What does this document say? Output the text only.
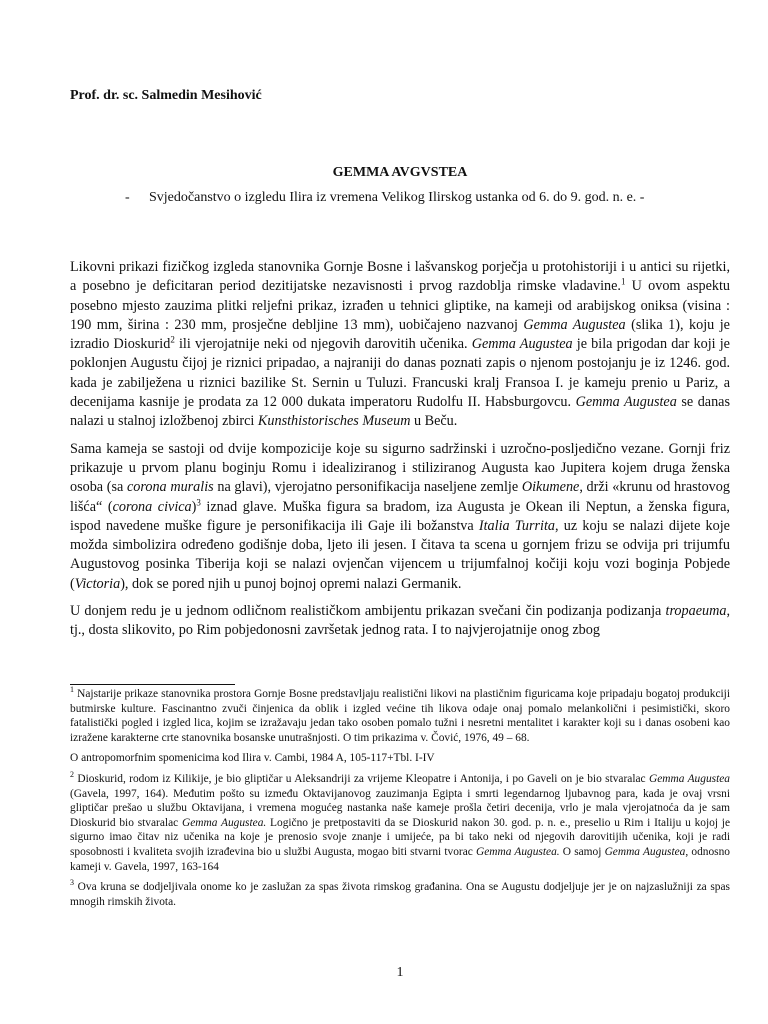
Prof. dr. sc. Salmedin Mesihović
GEMMA AVGVSTEA
- Svjedočanstvo o izgledu Ilira iz vremena Velikog Ilirskog ustanka od 6. do 9. god. n. e. -

Likovni prikazi fizičkog izgleda stanovnika Gornje Bosne i lašvanskog porječja u protohistoriji i u antici su rijetki, a posebno je deficitaran period dezitijatske nezavisnosti i prvog razdoblja rimske vladavine.$^1$ U ovom aspektu posebno mjesto zauzima plitki reljefni prikaz, izrađen u tehnici gliptike, na kameji od arabijskog oniksa (visina : 190 mm, širina : 230 mm, prosječne debljine 13 mm), uobičajeno nazvanoj Gemma Augustea (slika 1), koju je izradio Dioskurid$^2$ ili vjerojatnije neki od njegovih darovitih učenika. Gemma Augustea je bila prigodan dar koji je poklonjen Augustu čijoj je riznici pripadao, a najraniji do danas poznati zapis o njenom postojanju je iz 1246. god. kada je zabilježena u riznici bazilike St. Sernin u Tuluzi. Francuski kralj Fransoa I. je kameju prenio u Pariz, a decenijama kasnije je prodata za 12 000 dukata imperatoru Rudolfu II. Habsburgovcu. Gemma Augustea se danas nalazi u stalnoj izložbenoj zbirci Kunsthistorisches Museum u Beču.

Sama kameja se sastoji od dvije kompozicije koje su sigurno sadržinski i uzročno-posljedično vezane. Gornji friz prikazuje u prvom planu boginju Romu i idealiziranog i stiliziranog Augusta kao Jupitera kojem druga ženska osoba (sa corona muralis na glavi), vjerojatno personifikacija naseljene zemlje Oikumene, drži «krunu od hrastovog lišća“ (corona civica)$^3$ iznad glave. Muška figura sa bradom, iza Augusta je Okean ili Neptun, a ženska figura, ispod navedene muške figure je personifikacija ili Gaje ili božanstva Italia Turrita, uz koju se nalazi dijete koje možda simbolizira određeno godišnje doba, ljeto ili jesen. I čitava ta scena u gornjem frizu se odvija pri trijumfu Augustovog posinka Tiberija koji se nalazi ovjenčan vijencem u trijumfalnoj kočiji koju vozi boginja Pobjede (Victoria), dok se pored njih u punoj bojnoj opremi nalazi Germanik.

U donjem redu je u jednom odličnom realističkom ambijentu prikazan svečani čin podizanja podizanja tropaeuma, tj., dosta slikovito, po Rim pobjedonosni završetak jednog rata. I to najvjerojatnije onog zbog

$^1$ Najstarije prikaze stanovnika prostora Gornje Bosne predstavljaju realistični likovi na plastičnim figuricama koje pripadaju bogatoj produkciji butmirske kulture. Fascinantno zvuči činjenica da oblik i izgled većine tih likova odaje onaj pomalo melankolični i pesimistički, skoro fatalistički pogled i izgled lica, kojim se izražavaju jedan tako osoben pomalo tužni i nesretni mentalitet i karakter koji su i danas osobeni kao izražene karakterne crte stanovnika bosanske unutrašnjosti. O tim prikazima v. Čović, 1976, 49 – 68.

O antropomorfnim spomenicima kod Ilira v. Cambi, 1984 A, 105-117+Tbl. I-IV

$^2$ Dioskurid, rodom iz Kilikije, je bio gliptičar u Aleksandriji za vrijeme Kleopatre i Antonija, i po Gaveli on je bio stvaralac Gemma Augustea (Gavela, 1997, 164). Međutim pošto su između Oktavijanovog zauzimanja Egipta i smrti legendarnog ljubavnog para, kada je ovaj vrsni gliptičar prešao u službu Oktavijana, i vremena mogućeg nastanka naše kameje prošla četiri decenija, vrlo je mala vjerojatnoća da je sam Dioskurid bio stvaralac Gemma Augustea. Logično je pretpostaviti da se Dioskurid nakon 30. god. p. n. e., preselio u Rim i Italiju u kojoj je sigurno imao čitav niz učenika na koje je prenosio svoje znanje i umijeće, pa bi tako neki od njegovih darovitijih učenika, koji je radi sposobnosti i kvaliteta svojih izrađevina bio u službi Augusta, mogao biti stvarni tvorac Gemma Augustea. O samoj Gemma Augustea, odnosno kameji v. Gavela, 1997, 163-164

$^3$ Ova kruna se dodjeljivala onome ko je zaslužan za spas života rimskog građanina. Ona se Augustu dodjeljuje jer je on najzaslužniji za spas mnogih rimskih života.

1
